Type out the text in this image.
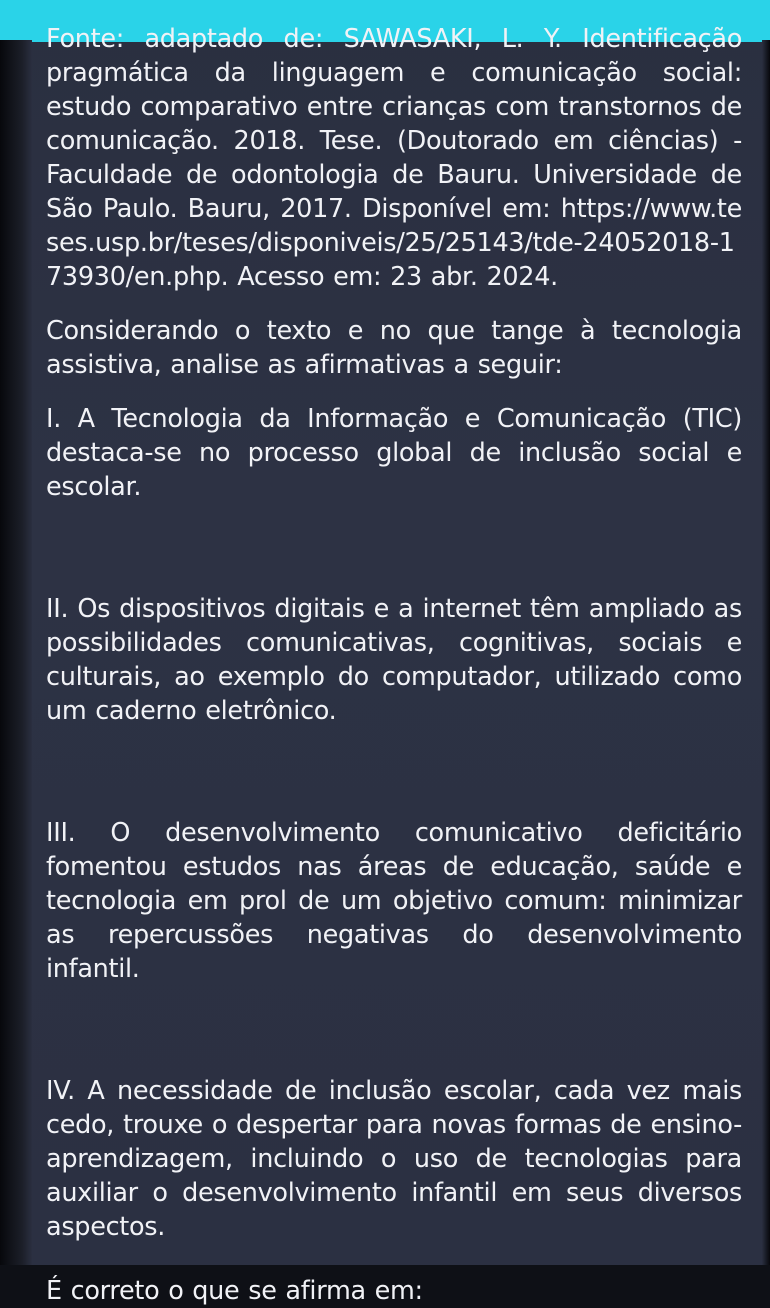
Fonte: adaptado de: SAWASAKI, L. Y. Identificação pragmática da linguagem e comunicação social: estudo comparativo entre crianças com transtornos de comunicação. 2018. Tese. (Doutorado em ciências) - Faculdade de odontologia de Bauru. Universidade de São Paulo. Bauru, 2017. Disponível em: https://www.teses.usp.br/teses/disponiveis/25/25143/tde-24052018-173930/en.php. Acesso em: 23 abr. 2024.

Considerando o texto e no que tange à tecnologia assistiva, analise as afirmativas a seguir:

I. A Tecnologia da Informação e Comunicação (TIC) destaca-se no processo global de inclusão social e escolar.

II. Os dispositivos digitais e a internet têm ampliado as possibilidades comunicativas, cognitivas, sociais e culturais, ao exemplo do computador, utilizado como um caderno eletrônico.

III. O desenvolvimento comunicativo deficitário fomentou estudos nas áreas de educação, saúde e tecnologia em prol de um objetivo comum: minimizar as repercussões negativas do desenvolvimento infantil.

IV. A necessidade de inclusão escolar, cada vez mais cedo, trouxe o despertar para novas formas de ensino-aprendizagem, incluindo o uso de tecnologias para auxiliar o desenvolvimento infantil em seus diversos aspectos.

É correto o que se afirma em:
